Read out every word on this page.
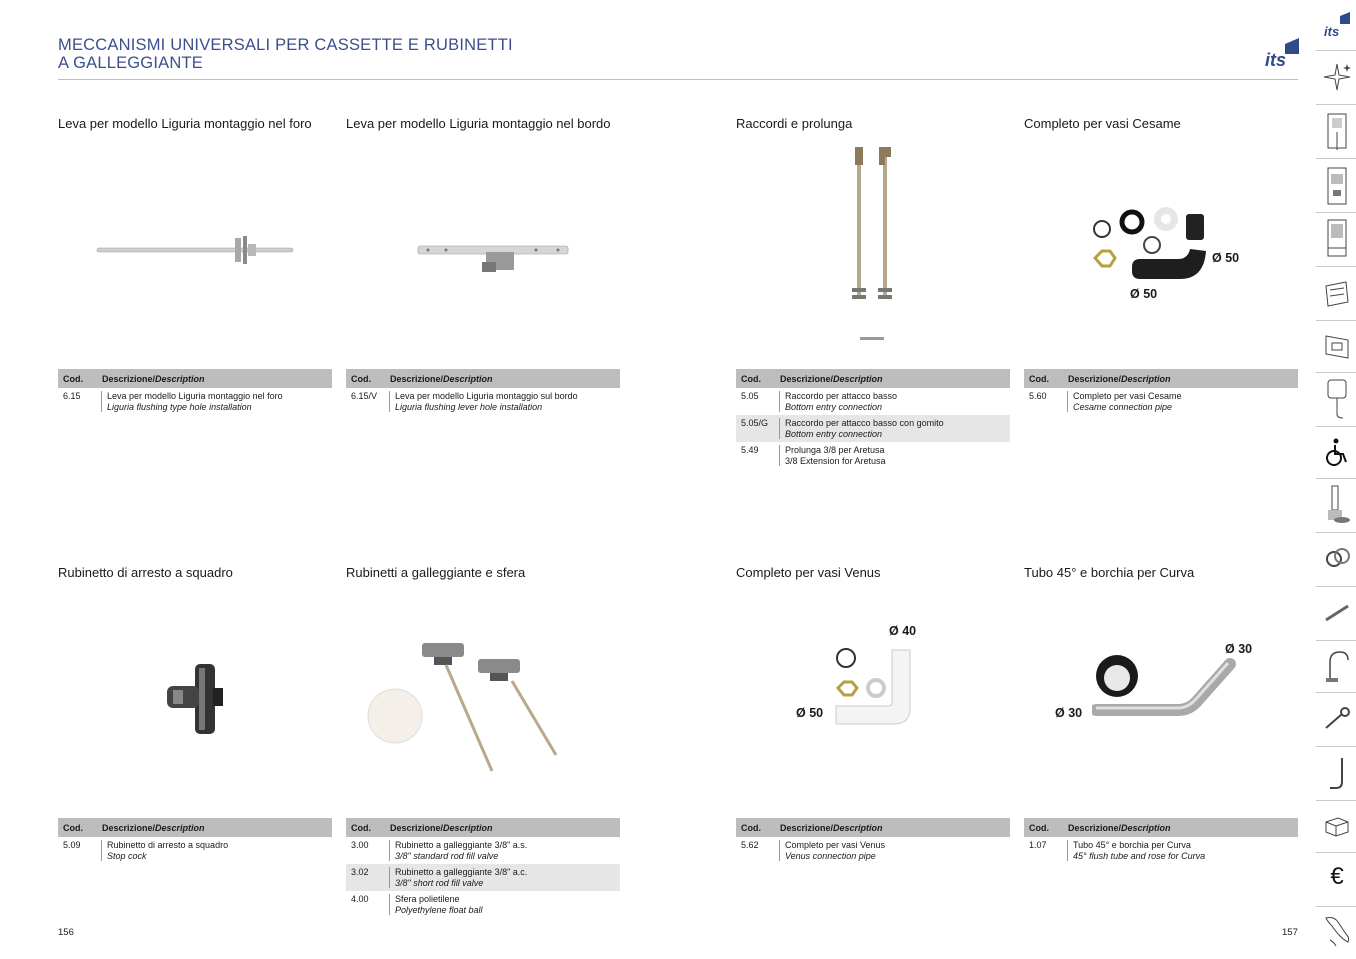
MECCANISMI UNIVERSALI PER CASSETTE E RUBINETTI
A GALLEGGIANTE	its
Leva per modello Liguria montaggio nel foro
Cod.	Descrizione/Description
6.15	Leva per modello Liguria montaggio nel foro
Liguria flushing type hole installation
Leva per modello Liguria montaggio nel bordo
Cod.	Descrizione/Description
6.15/V	Leva per modello Liguria montaggio sul bordo
Liguria flushing lever hole installation
Raccordi e prolunga
Cod.	Descrizione/Description
5.05	Raccordo per attacco basso
Bottom entry connection
5.05/G	Raccordo per attacco basso con gomito
Bottom entry connection
5.49	Prolunga 3/8 per Aretusa
3/8 Extension for Aretusa
Completo per vasi Cesame
Ø 50
Ø 50
Cod.	Descrizione/Description
5.60	Completo per vasi Cesame
Cesame connection pipe
Rubinetto di arresto a squadro
Cod.	Descrizione/Description
5.09	Rubinetto di arresto a squadro
Stop cock
Rubinetti a galleggiante e sfera
Cod.	Descrizione/Description
3.00	Rubinetto a galleggiante 3/8" a.s.
3/8" standard rod fill valve
3.02	Rubinetto a galleggiante 3/8" a.c.
3/8" short rod fill valve
4.00	Sfera polietilene
Polyethylene float ball
Completo per vasi Venus
Ø 40
Ø 50
Cod.	Descrizione/Description
5.62	Completo per vasi Venus
Venus connection pipe
Tubo 45° e borchia per Curva
Ø 30
Ø 30
Cod.	Descrizione/Description
1.07	Tubo 45° e borchia per Curva
45° flush tube and rose for Curva
156	157
its
€
